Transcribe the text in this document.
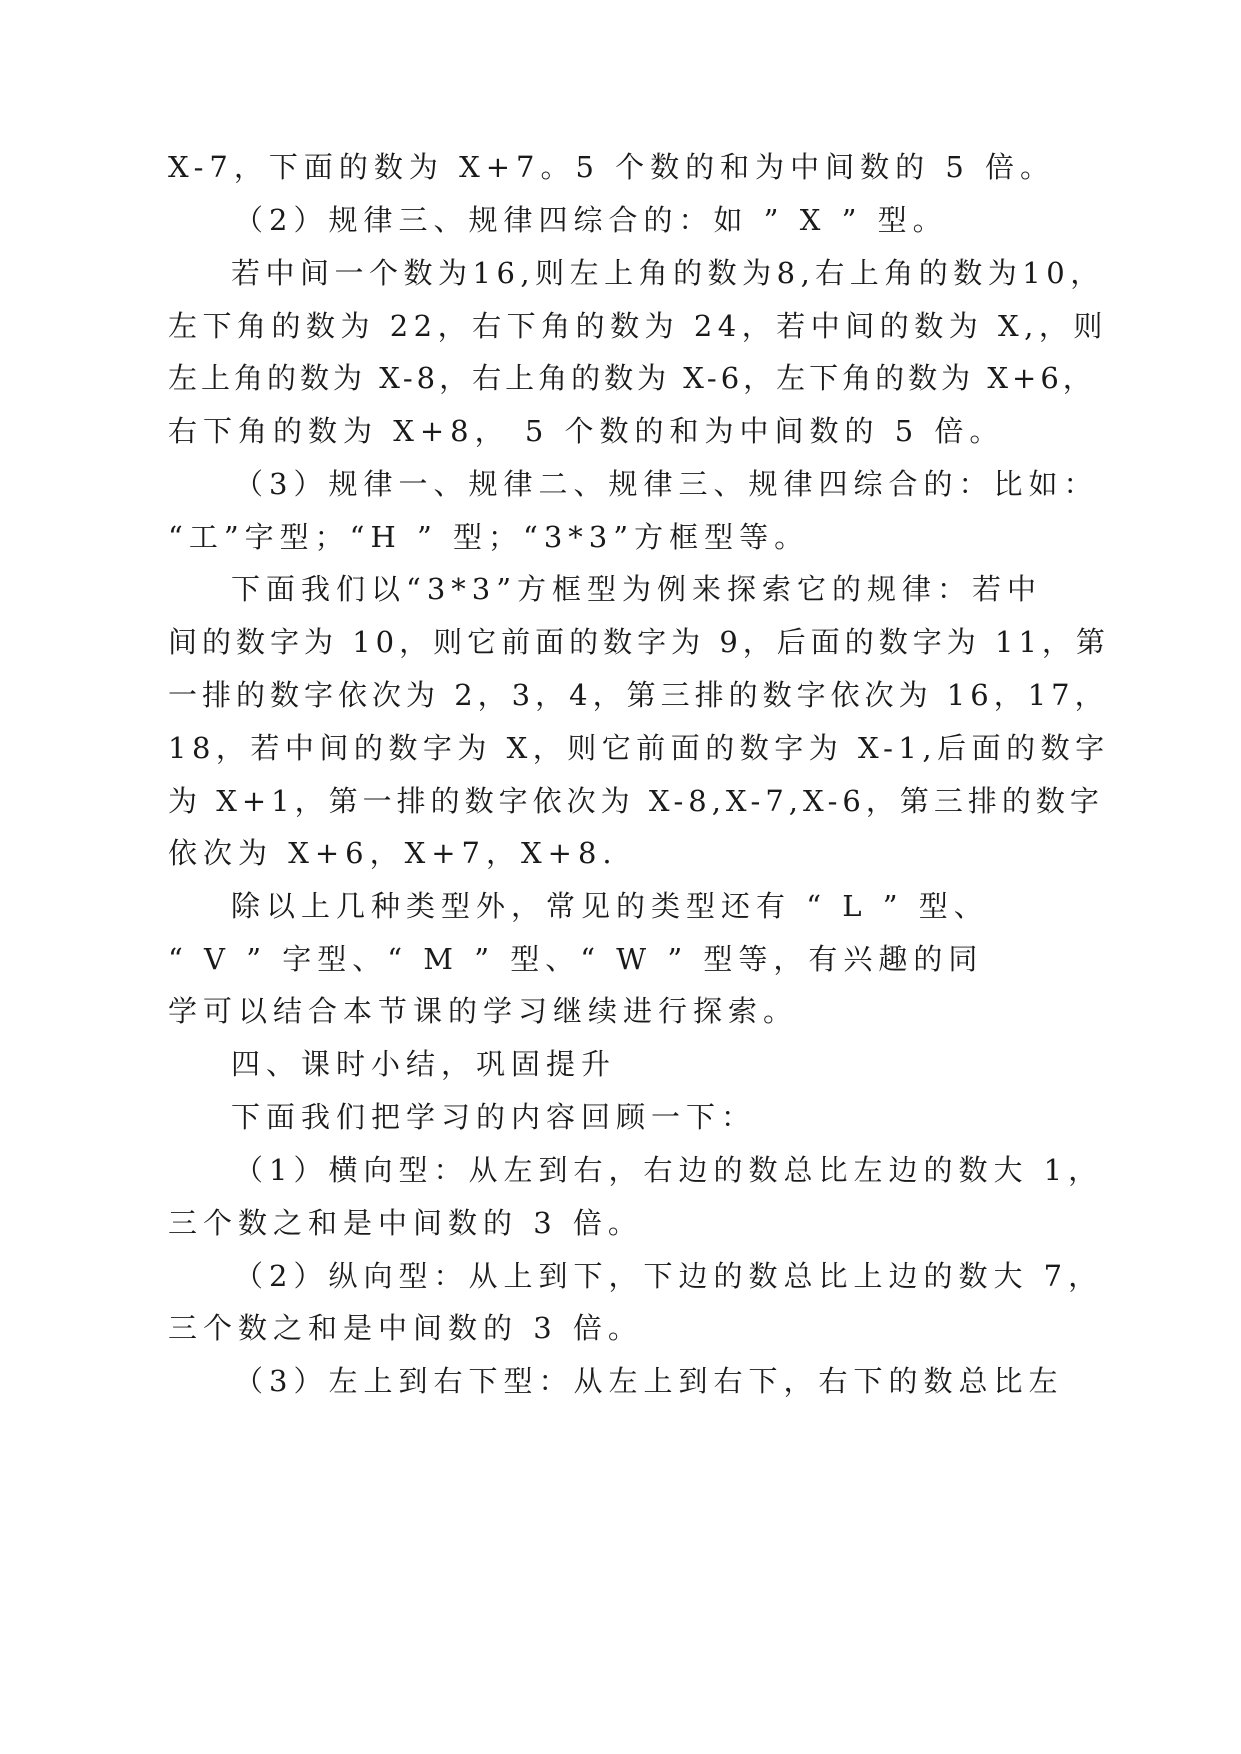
X-7，下面的数为 X+7。5 个数的和为中间数的 5 倍。
（2）规律三、规律四综合的：如 ” X ” 型。
若中间一个数为16,则左上角的数为8,右上角的数为10，
左下角的数为 22，右下角的数为 24，若中间的数为 X,，则
左上角的数为 X-8，右上角的数为 X-6，左下角的数为 X+6，
右下角的数为 X+8， 5 个数的和为中间数的 5 倍。
（3）规律一、规律二、规律三、规律四综合的：比如：
“工”字型；“H ” 型；“3*3”方框型等。
下面我们以“3*3”方框型为例来探索它的规律：若中
间的数字为 10，则它前面的数字为 9，后面的数字为 11，第
一排的数字依次为 2，3，4，第三排的数字依次为 16，17，
18，若中间的数字为 X，则它前面的数字为 X-1,后面的数字
为 X+1，第一排的数字依次为 X-8,X-7,X-6，第三排的数字
依次为 X+6，X+7，X+8.
除以上几种类型外，常见的类型还有 “ L ” 型、
“ V ” 字型、“ M ” 型、“ W ” 型等，有兴趣的同
学可以结合本节课的学习继续进行探索。
四、课时小结，巩固提升
下面我们把学习的内容回顾一下：
（1）横向型：从左到右，右边的数总比左边的数大 1，
三个数之和是中间数的 3 倍。
（2）纵向型：从上到下，下边的数总比上边的数大 7，
三个数之和是中间数的 3 倍。
（3）左上到右下型：从左上到右下，右下的数总比左
